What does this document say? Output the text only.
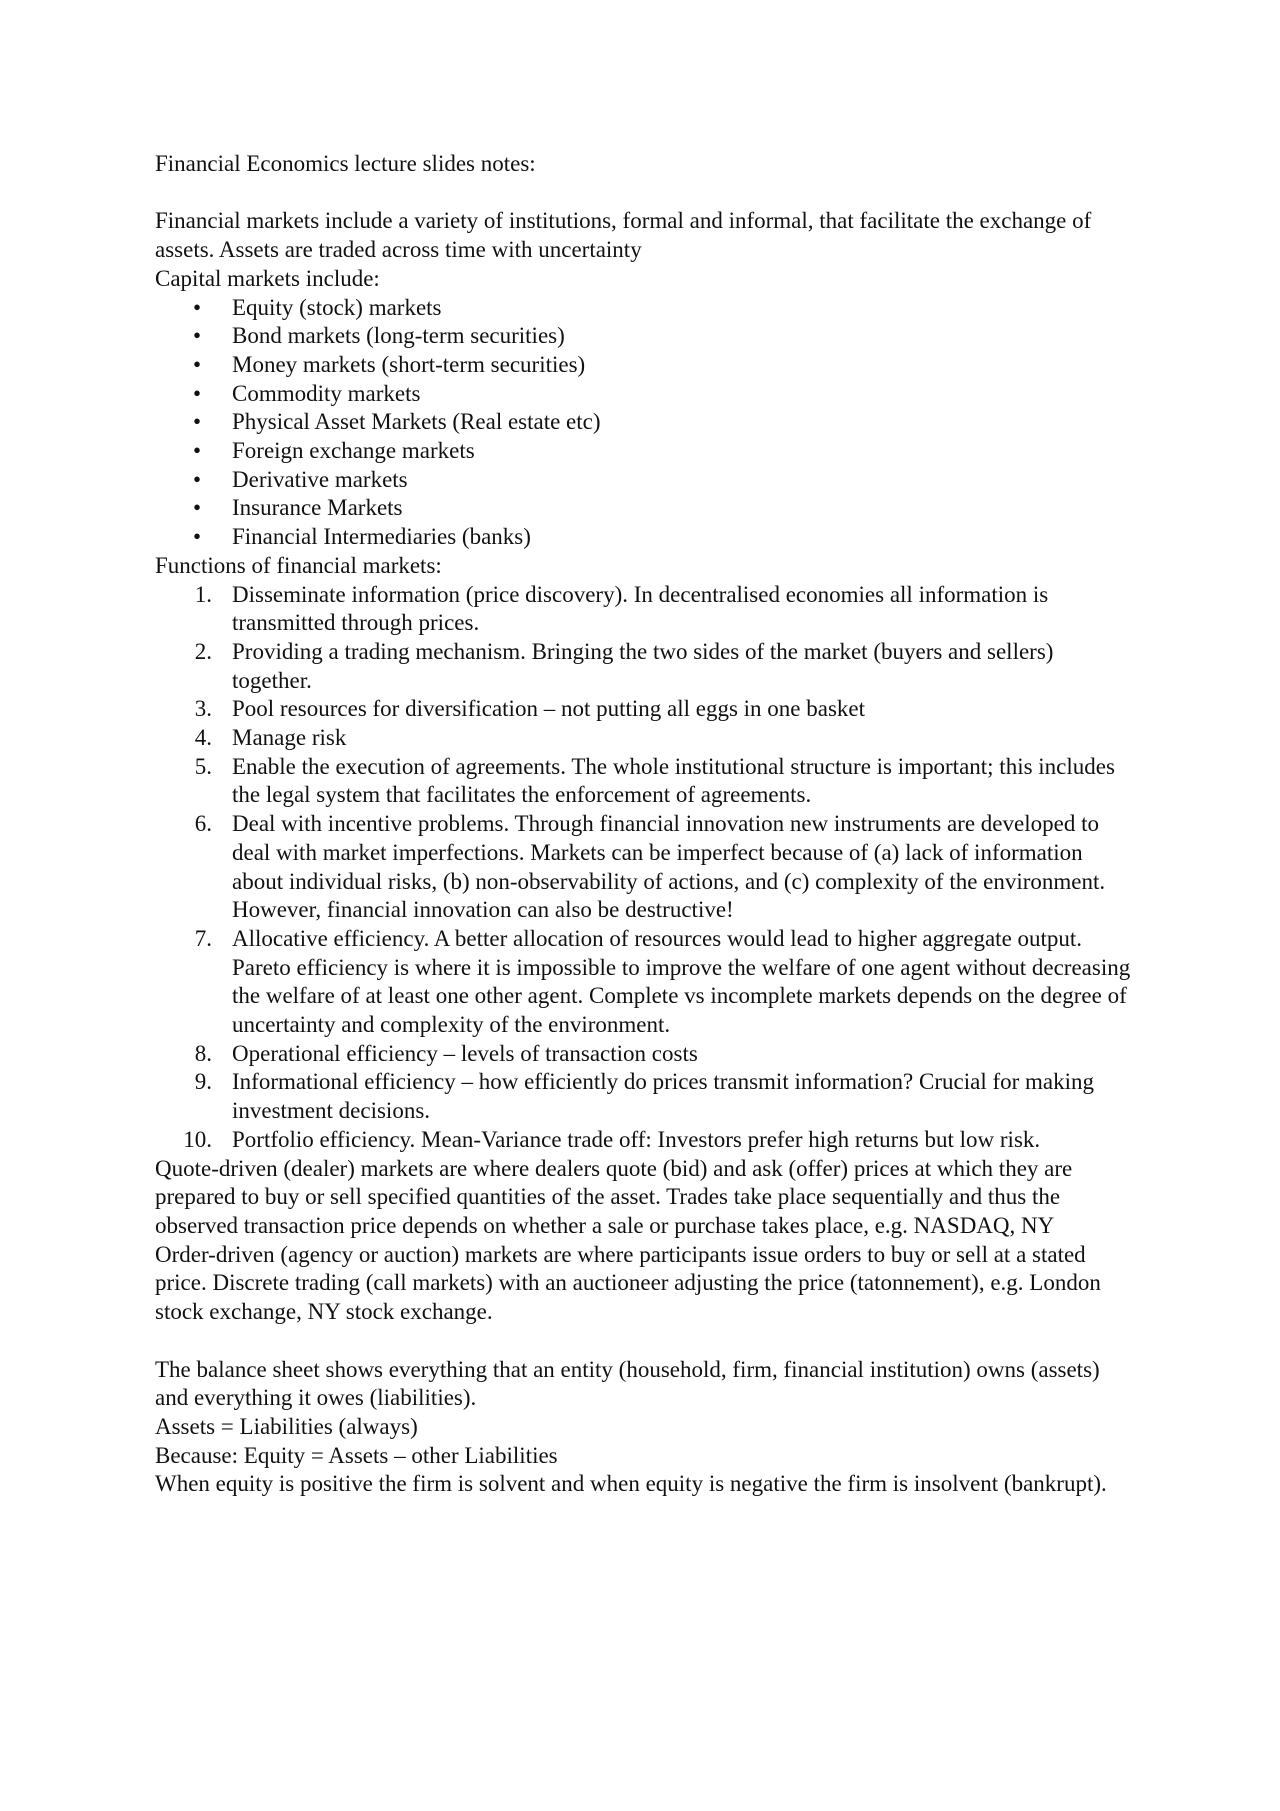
Financial Economics lecture slides notes:

Financial markets include a variety of institutions, formal and informal, that facilitate the exchange of assets. Assets are traded across time with uncertainty

Capital markets include:

• Equity (stock) markets
• Bond markets (long-term securities)
• Money markets (short-term securities)
• Commodity markets
• Physical Asset Markets (Real estate etc)
• Foreign exchange markets
• Derivative markets
• Insurance Markets
• Financial Intermediaries (banks)

Functions of financial markets:

1. Disseminate information (price discovery). In decentralised economies all information is transmitted through prices.
2. Providing a trading mechanism. Bringing the two sides of the market (buyers and sellers) together.
3. Pool resources for diversification – not putting all eggs in one basket
4. Manage risk
5. Enable the execution of agreements. The whole institutional structure is important; this includes the legal system that facilitates the enforcement of agreements.
6. Deal with incentive problems. Through financial innovation new instruments are developed to deal with market imperfections. Markets can be imperfect because of (a) lack of information about individual risks, (b) non-observability of actions, and (c) complexity of the environment. However, financial innovation can also be destructive!
7. Allocative efficiency. A better allocation of resources would lead to higher aggregate output. Pareto efficiency is where it is impossible to improve the welfare of one agent without decreasing the welfare of at least one other agent. Complete vs incomplete markets depends on the degree of uncertainty and complexity of the environment.
8. Operational efficiency – levels of transaction costs
9. Informational efficiency – how efficiently do prices transmit information? Crucial for making investment decisions.
10. Portfolio efficiency. Mean-Variance trade off: Investors prefer high returns but low risk.

Quote-driven (dealer) markets are where dealers quote (bid) and ask (offer) prices at which they are prepared to buy or sell specified quantities of the asset. Trades take place sequentially and thus the observed transaction price depends on whether a sale or purchase takes place, e.g. NASDAQ, NY

Order-driven (agency or auction) markets are where participants issue orders to buy or sell at a stated price. Discrete trading (call markets) with an auctioneer adjusting the price (tatonnement), e.g. London stock exchange, NY stock exchange.

The balance sheet shows everything that an entity (household, firm, financial institution) owns (assets) and everything it owes (liabilities).

Assets = Liabilities (always)

Because: Equity = Assets – other Liabilities

When equity is positive the firm is solvent and when equity is negative the firm is insolvent (bankrupt).
